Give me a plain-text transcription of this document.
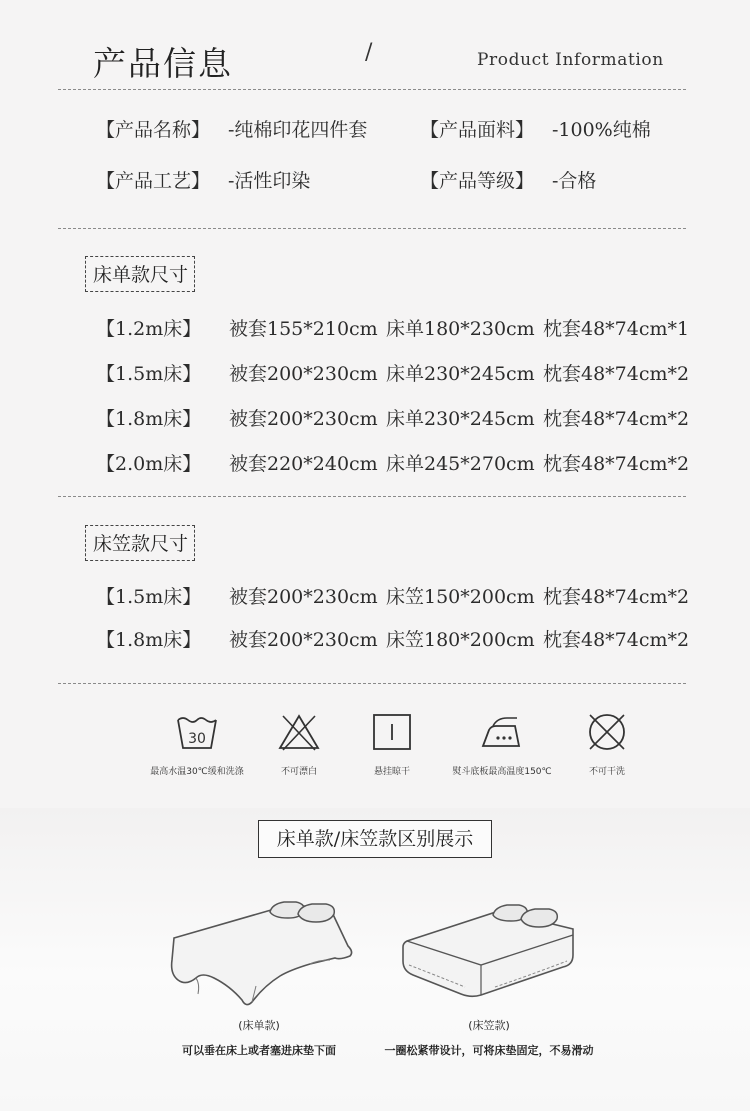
产品信息	/	Product Information
【产品名称】 -纯棉印花四件套	【产品面料】 -100%纯棉
【产品工艺】 -活性印染	【产品等级】 -合格
床单款尺寸
【1.2m床】 被套155*210cm 床单180*230cm 枕套48*74cm*1
【1.5m床】 被套200*230cm 床单230*245cm 枕套48*74cm*2
【1.8m床】 被套200*230cm 床单230*245cm 枕套48*74cm*2
【2.0m床】 被套220*240cm 床单245*270cm 枕套48*74cm*2
床笠款尺寸
【1.5m床】 被套200*230cm 床笠150*200cm 枕套48*74cm*2
【1.8m床】 被套200*230cm 床笠180*200cm 枕套48*74cm*2
30
最高水温30℃缓和洗涤	不可漂白	悬挂晾干	熨斗底板最高温度150℃	不可干洗
床单款/床笠款区别展示
(床单款)
可以垂在床上或者塞进床垫下面
(床笠款)
一圈松紧带设计，可将床垫固定，不易滑动
